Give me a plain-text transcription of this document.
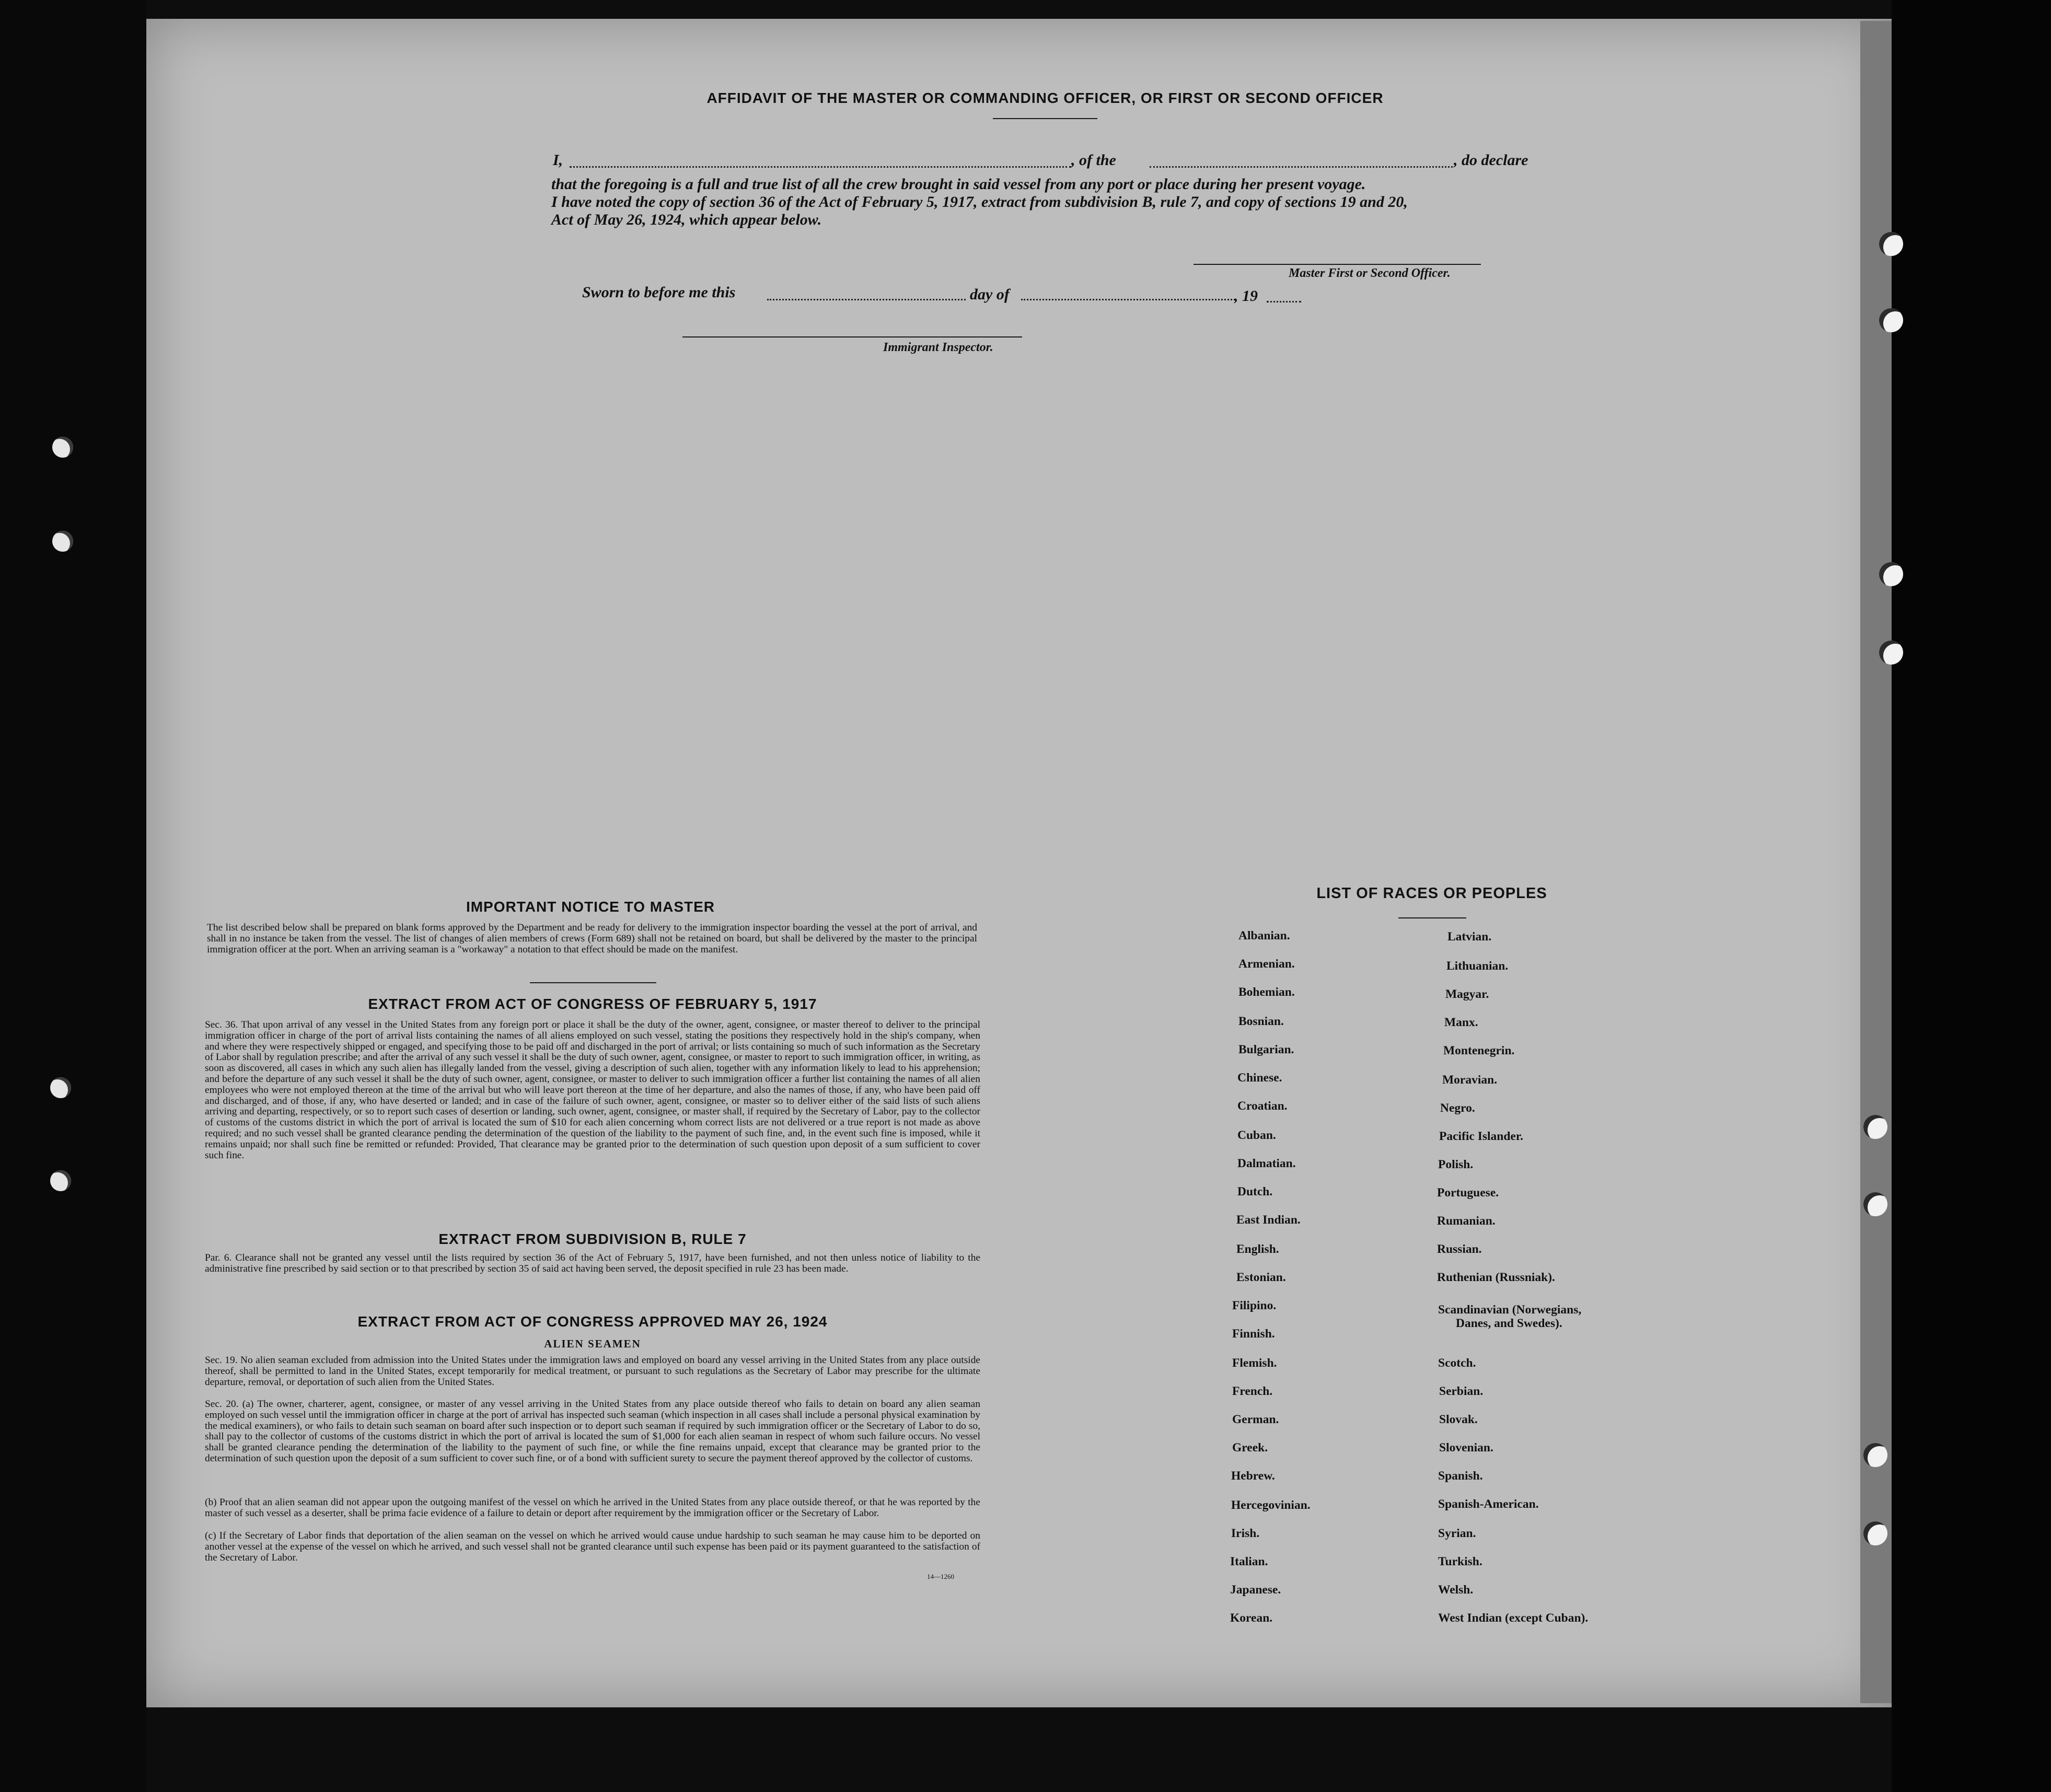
AFFIDAVIT OF THE MASTER OR COMMANDING OFFICER, OR FIRST OR SECOND OFFICER
I,	, of the	, do declare
that the foregoing is a full and true list of all the crew brought in said vessel from any port or place during her present voyage.
I have noted the copy of section 36 of the Act of February 5, 1917, extract from subdivision B, rule 7, and copy of sections 19 and 20,
Act of May 26, 1924, which appear below.
Master First or Second Officer.
Sworn to before me this	day of	, 19
Immigrant Inspector.
IMPORTANT NOTICE TO MASTER
The list described below shall be prepared on blank forms approved by the Department and be ready for delivery to the immigration inspector boarding the vessel at the port of arrival, and shall in no instance be taken from the vessel. The list of changes of alien members of crews (Form 689) shall not be retained on board, but shall be delivered by the master to the principal immigration officer at the port. When an arriving seaman is a "workaway" a notation to that effect should be made on the manifest.
EXTRACT FROM ACT OF CONGRESS OF FEBRUARY 5, 1917
Sec. 36. That upon arrival of any vessel in the United States from any foreign port or place it shall be the duty of the owner, agent, consignee, or master thereof to deliver to the principal immigration officer in charge of the port of arrival lists containing the names of all aliens employed on such vessel, stating the positions they respectively hold in the ship's company, when and where they were respectively shipped or engaged, and specifying those to be paid off and discharged in the port of arrival; or lists containing so much of such information as the Secretary of Labor shall by regulation prescribe; and after the arrival of any such vessel it shall be the duty of such owner, agent, consignee, or master to report to such immigration officer, in writing, as soon as discovered, all cases in which any such alien has illegally landed from the vessel, giving a description of such alien, together with any information likely to lead to his apprehension; and before the departure of any such vessel it shall be the duty of such owner, agent, consignee, or master to deliver to such immigration officer a further list containing the names of all alien employees who were not employed thereon at the time of the arrival but who will leave port thereon at the time of her departure, and also the names of those, if any, who have been paid off and discharged, and of those, if any, who have deserted or landed; and in case of the failure of such owner, agent, consignee, or master so to deliver either of the said lists of such aliens arriving and departing, respectively, or so to report such cases of desertion or landing, such owner, agent, consignee, or master shall, if required by the Secretary of Labor, pay to the collector of customs of the customs district in which the port of arrival is located the sum of $10 for each alien concerning whom correct lists are not delivered or a true report is not made as above required; and no such vessel shall be granted clearance pending the determination of the question of the liability to the payment of such fine, and, in the event such fine is imposed, while it remains unpaid; nor shall such fine be remitted or refunded: Provided, That clearance may be granted prior to the determination of such question upon deposit of a sum sufficient to cover such fine.
EXTRACT FROM SUBDIVISION B, RULE 7
Par. 6. Clearance shall not be granted any vessel until the lists required by section 36 of the Act of February 5, 1917, have been furnished, and not then unless notice of liability to the administrative fine prescribed by said section or to that prescribed by section 35 of said act having been served, the deposit specified in rule 23 has been made.
EXTRACT FROM ACT OF CONGRESS APPROVED MAY 26, 1924
ALIEN SEAMEN
Sec. 19. No alien seaman excluded from admission into the United States under the immigration laws and employed on board any vessel arriving in the United States from any place outside thereof, shall be permitted to land in the United States, except temporarily for medical treatment, or pursuant to such regulations as the Secretary of Labor may prescribe for the ultimate departure, removal, or deportation of such alien from the United States.
Sec. 20. (a) The owner, charterer, agent, consignee, or master of any vessel arriving in the United States from any place outside thereof who fails to detain on board any alien seaman employed on such vessel until the immigration officer in charge at the port of arrival has inspected such seaman (which inspection in all cases shall include a personal physical examination by the medical examiners), or who fails to detain such seaman on board after such inspection or to deport such seaman if required by such immigration officer or the Secretary of Labor to do so, shall pay to the collector of customs of the customs district in which the port of arrival is located the sum of $1,000 for each alien seaman in respect of whom such failure occurs. No vessel shall be granted clearance pending the determination of the liability to the payment of such fine, or while the fine remains unpaid, except that clearance may be granted prior to the determination of such question upon the deposit of a sum sufficient to cover such fine, or of a bond with sufficient surety to secure the payment thereof approved by the collector of customs.
(b) Proof that an alien seaman did not appear upon the outgoing manifest of the vessel on which he arrived in the United States from any place outside thereof, or that he was reported by the master of such vessel as a deserter, shall be prima facie evidence of a failure to detain or deport after requirement by the immigration officer or the Secretary of Labor.
(c) If the Secretary of Labor finds that deportation of the alien seaman on the vessel on which he arrived would cause undue hardship to such seaman he may cause him to be deported on another vessel at the expense of the vessel on which he arrived, and such vessel shall not be granted clearance until such expense has been paid or its payment guaranteed to the satisfaction of the Secretary of Labor.
14—1260
LIST OF RACES OR PEOPLES
Albanian.
Armenian.
Bohemian.
Bosnian.
Bulgarian.
Chinese.
Croatian.
Cuban.
Dalmatian.
Dutch.
East Indian.
English.
Estonian.
Filipino.
Finnish.
Flemish.
French.
German.
Greek.
Hebrew.
Hercegovinian.
Irish.
Italian.
Japanese.
Korean.
Latvian.
Lithuanian.
Magyar.
Manx.
Montenegrin.
Moravian.
Negro.
Pacific Islander.
Polish.
Portuguese.
Rumanian.
Russian.
Ruthenian (Russniak).
Scandinavian (Norwegians,
Danes, and Swedes).
Scotch.
Serbian.
Slovak.
Slovenian.
Spanish.
Spanish-American.
Syrian.
Turkish.
Welsh.
West Indian (except Cuban).
